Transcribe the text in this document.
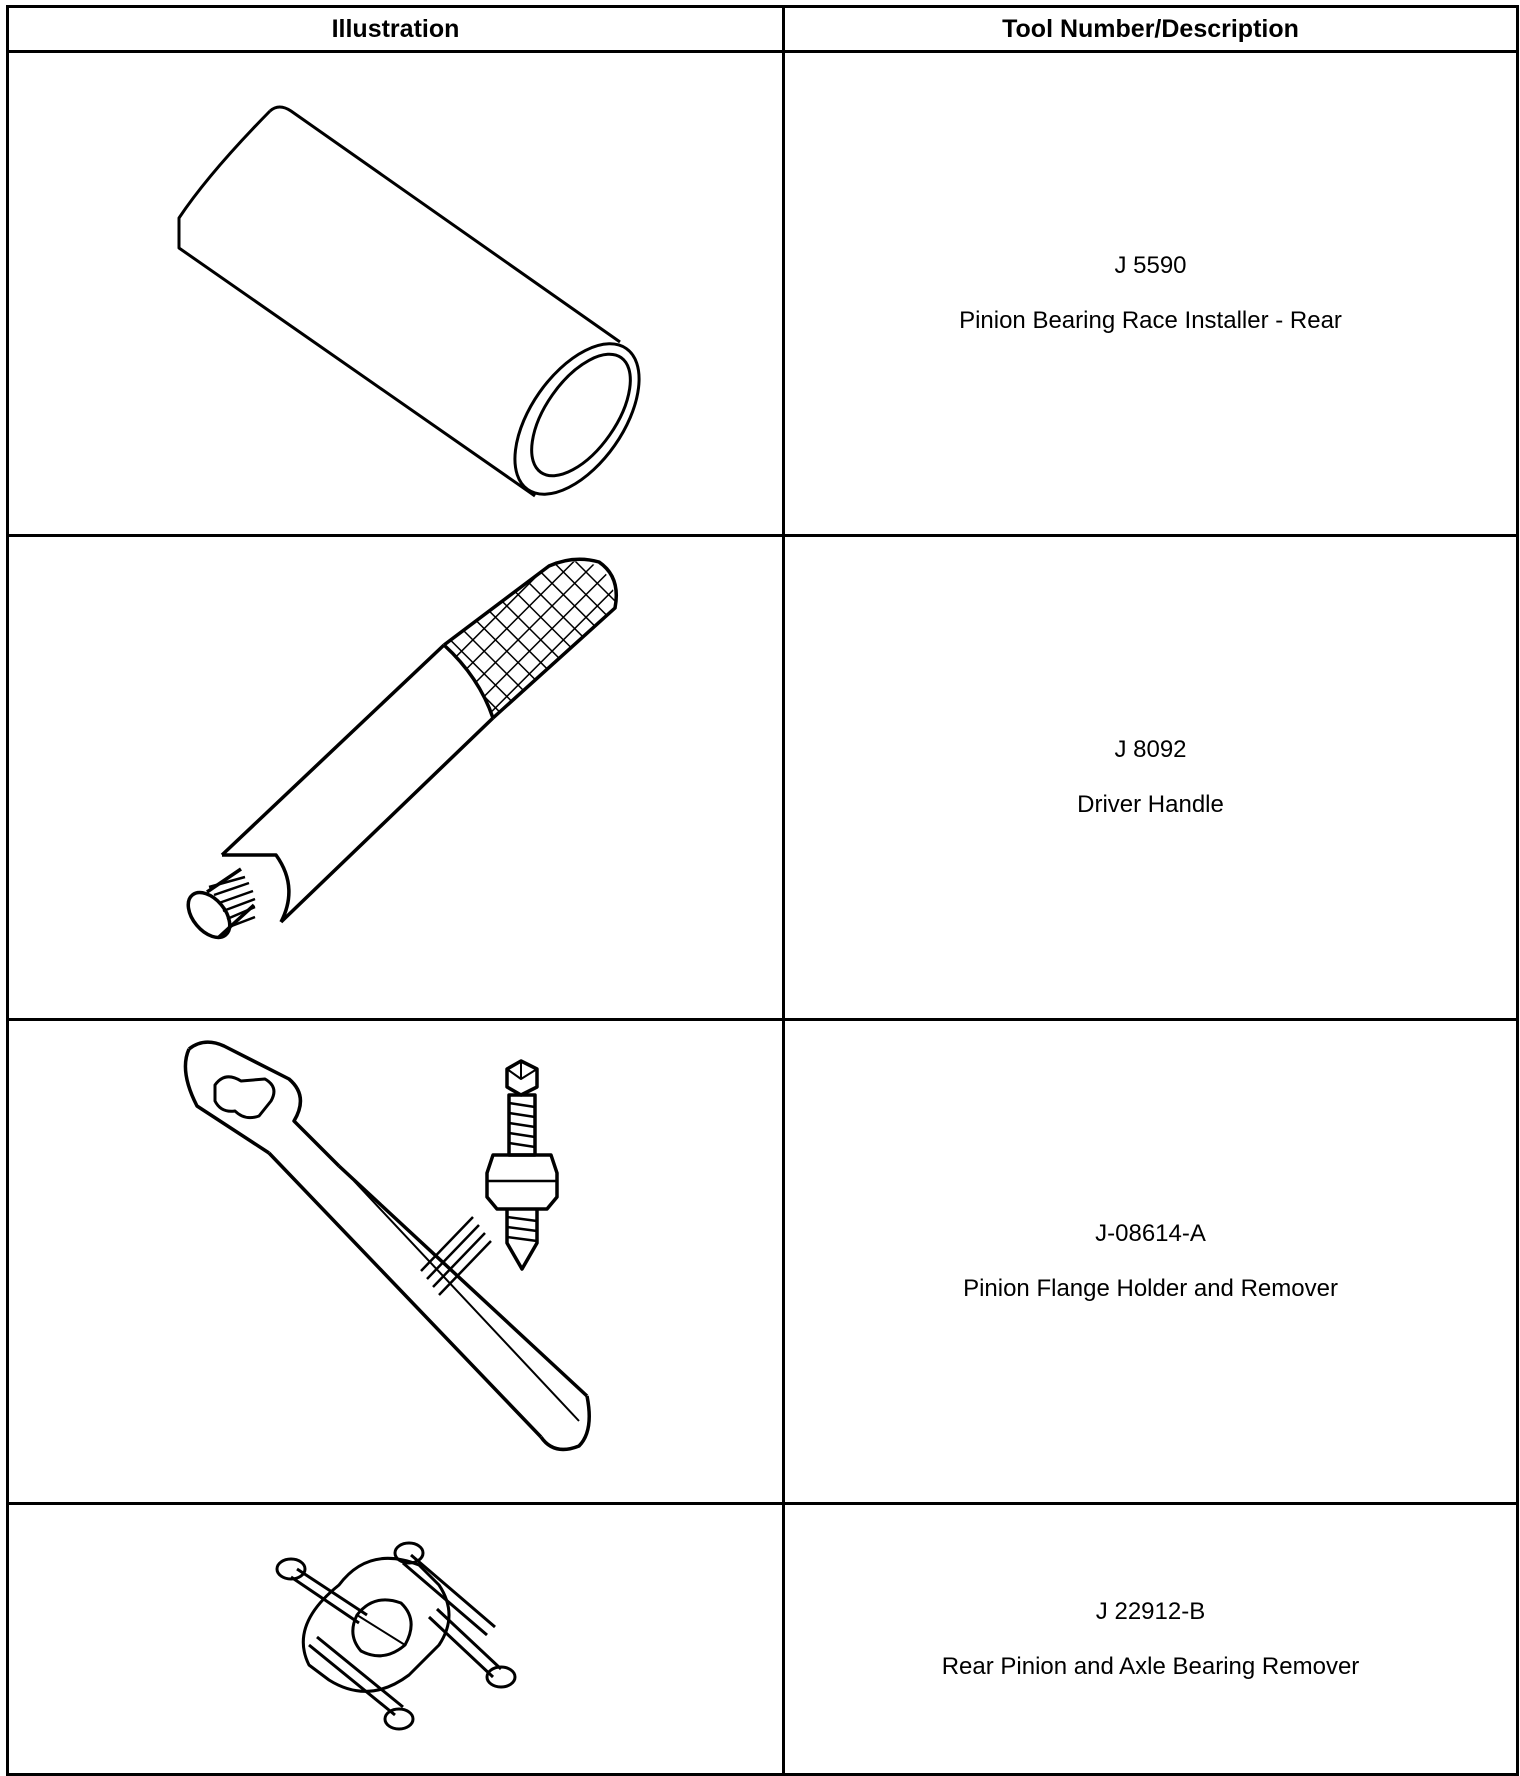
Illustration	Tool Number/Description

J 5590
Pinion Bearing Race Installer - Rear

J 8092
Driver Handle

J-08614-A
Pinion Flange Holder and Remover

J 22912-B
Rear Pinion and Axle Bearing Remover
